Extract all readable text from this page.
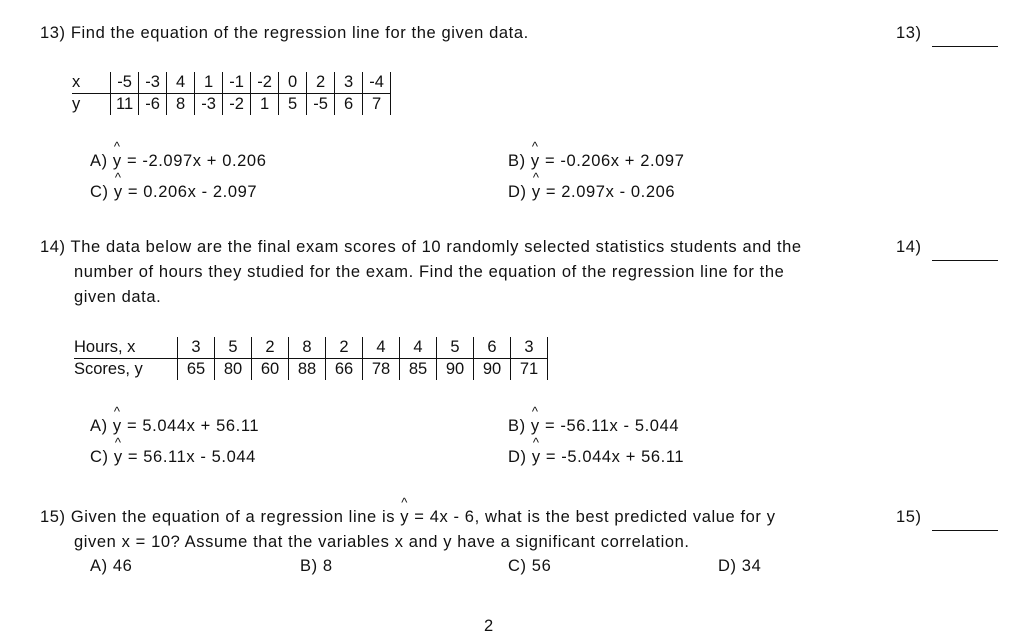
13) Find the equation of the regression line for the given data.	13)
x	-5	-3	4	1	-1	-2	0	2	3	-4
y	11	-6	8	-3	-2	1	5	-5	6	7
A) ^ y = -2.097x + 0.206	B) ^ y = -0.206x + 2.097
C) ^ y = 0.206x - 2.097	D) ^ y = 2.097x - 0.206
14) The data below are the final exam scores of 10 randomly selected statistics students and the
number of hours they studied for the exam. Find the equation of the regression line for the
given data.
14)
Hours, x	3	5	2	8	2	4	4	5	6	3
Scores, y	65	80	60	88	66	78	85	90	90	71
A) ^ y = 5.044x + 56.11	B) ^ y = -56.11x - 5.044
C) ^ y = 56.11x - 5.044	D) ^ y = -5.044x + 56.11
15) Given the equation of a regression line is ^ y = 4x - 6, what is the best predicted value for y
given x = 10? Assume that the variables x and y have a significant correlation.
15)
A) 46	B) 8	C) 56	D) 34
2
